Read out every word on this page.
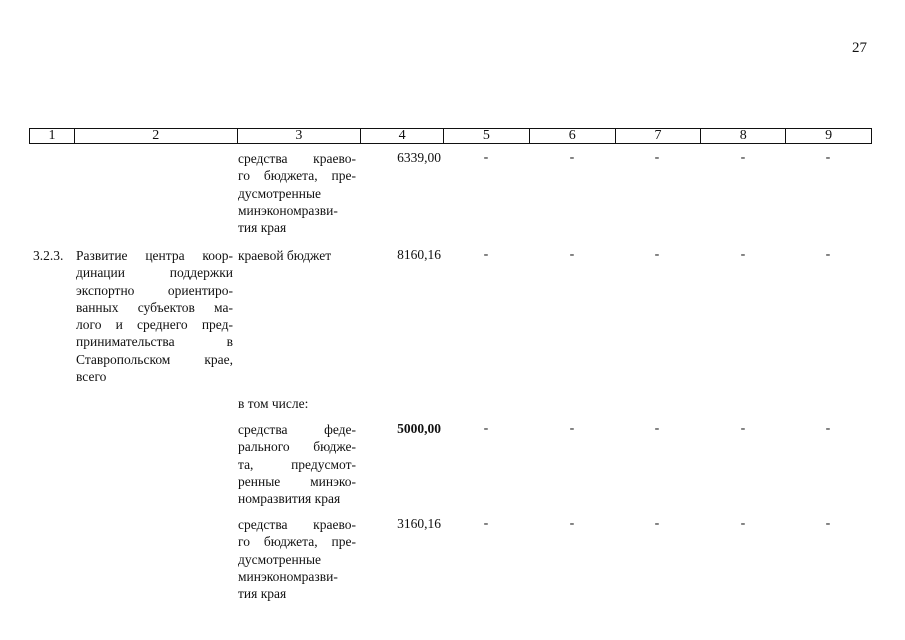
27
1	2	3	4	5	6	7	8	9
средства краево-
го бюджета, пре-
дусмотренные
минэкономразви-
тия края
6339,00	-	-	-	-	-
3.2.3. Развитие центра коор-
динации поддержки
экспортно ориентиро-
ванных субъектов ма-
лого и среднего пред-
принимательства в
Ставропольском крае,
всего
краевой бюджет	8160,16	-	-	-	-	-
в том числе:
средства феде-
рального бюдже-
та, предусмот-
ренные минэко-
номразвития края
5000,00	-	-	-	-	-
средства краево-
го бюджета, пре-
дусмотренные
минэкономразви-
тия края
3160,16	-	-	-	-	-
